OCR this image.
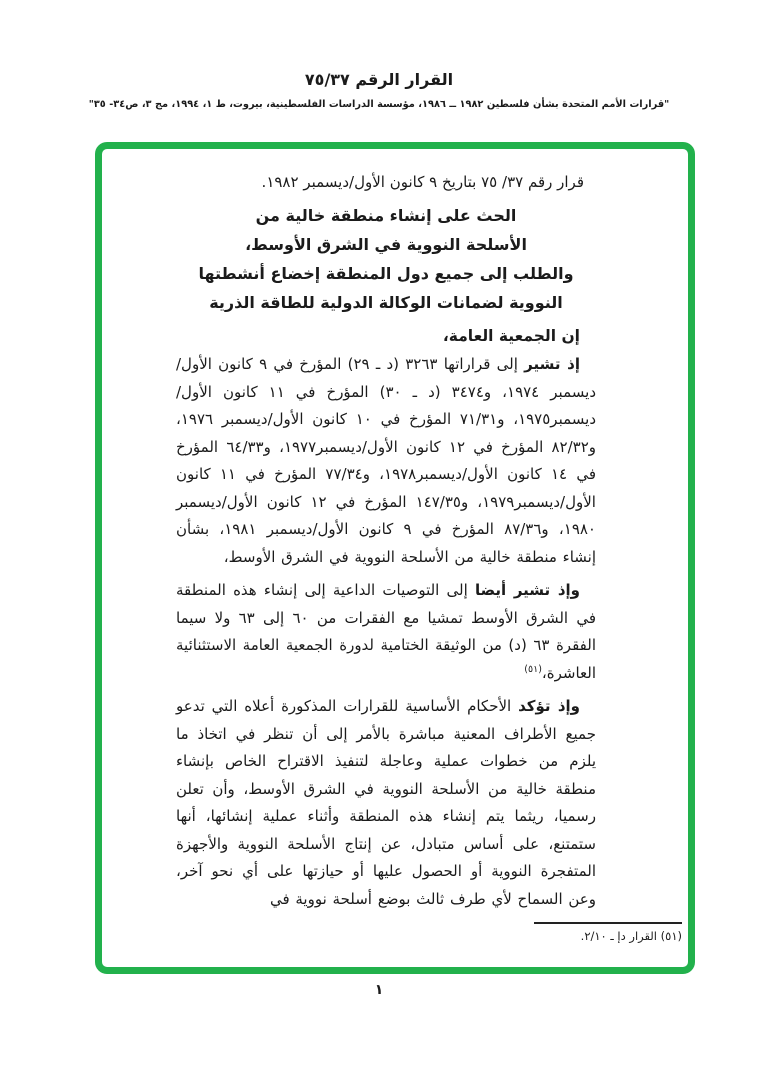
القرار الرقم ٧٥/٣٧
"قرارات الأمم المتحدة بشأن فلسطين ١٩٨٢ ــ ١٩٨٦، مؤسسة الدراسات الفلسطينية، بيروت، ط ١، ١٩٩٤، مج ٣، ص٣٤- ٣٥"

قرار رقم ٣٧/ ٧٥ بتاريخ ٩ كانون الأول/ديسمبر ١٩٨٢.

الحث على إنشاء منطقة خالية من
الأسلحة النووية في الشرق الأوسط،
والطلب إلى جميع دول المنطقة إخضاع أنشطتها
النووية لضمانات الوكالة الدولية للطاقة الذرية

إن الجمعية العامة،

إذ تشير إلى قراراتها ٣٢٦٣ (د ـ ٢٩) المؤرخ في ٩ كانون الأول/ديسمبر ١٩٧٤، و٣٤٧٤ (د ـ ٣٠) المؤرخ في ١١ كانون الأول/ديسمبر١٩٧٥، و٧١/٣١ المؤرخ في ١٠ كانون الأول/ديسمبر ١٩٧٦، و٨٢/٣٢ المؤرخ في ١٢ كانون الأول/ديسمبر١٩٧٧، و٦٤/٣٣ المؤرخ في ١٤ كانون الأول/ديسمبر١٩٧٨، و٧٧/٣٤ المؤرخ في ١١ كانون الأول/ديسمبر١٩٧٩، و١٤٧/٣٥ المؤرخ في ١٢ كانون الأول/ديسمبر ١٩٨٠، و٨٧/٣٦ المؤرخ في ٩ كانون الأول/ديسمبر ١٩٨١، بشأن إنشاء منطقة خالية من الأسلحة النووية في الشرق الأوسط،

وإذ تشير أيضا إلى التوصيات الداعية إلى إنشاء هذه المنطقة في الشرق الأوسط تمشيا مع الفقرات من ٦٠ إلى ٦٣ ولا سيما الفقرة ٦٣ (د) من الوثيقة الختامية لدورة الجمعية العامة الاستثنائية العاشرة،$^{(٥١)}$

وإذ تؤكد الأحكام الأساسية للقرارات المذكورة أعلاه التي تدعو جميع الأطراف المعنية مباشرة بالأمر إلى أن تنظر في اتخاذ ما يلزم من خطوات عملية وعاجلة لتنفيذ الاقتراح الخاص بإنشاء منطقة خالية من الأسلحة النووية في الشرق الأوسط، وأن تعلن رسميا، ريثما يتم إنشاء هذه المنطقة وأثناء عملية إنشائها، أنها ستمتنع، على أساس متبادل، عن إنتاج الأسلحة النووية والأجهزة المتفجرة النووية أو الحصول عليها أو حيازتها على أي نحو آخر، وعن السماح لأي طرف ثالث بوضع أسلحة نووية في

(٥١) القرار دإ ـ ٢/١٠.
١
